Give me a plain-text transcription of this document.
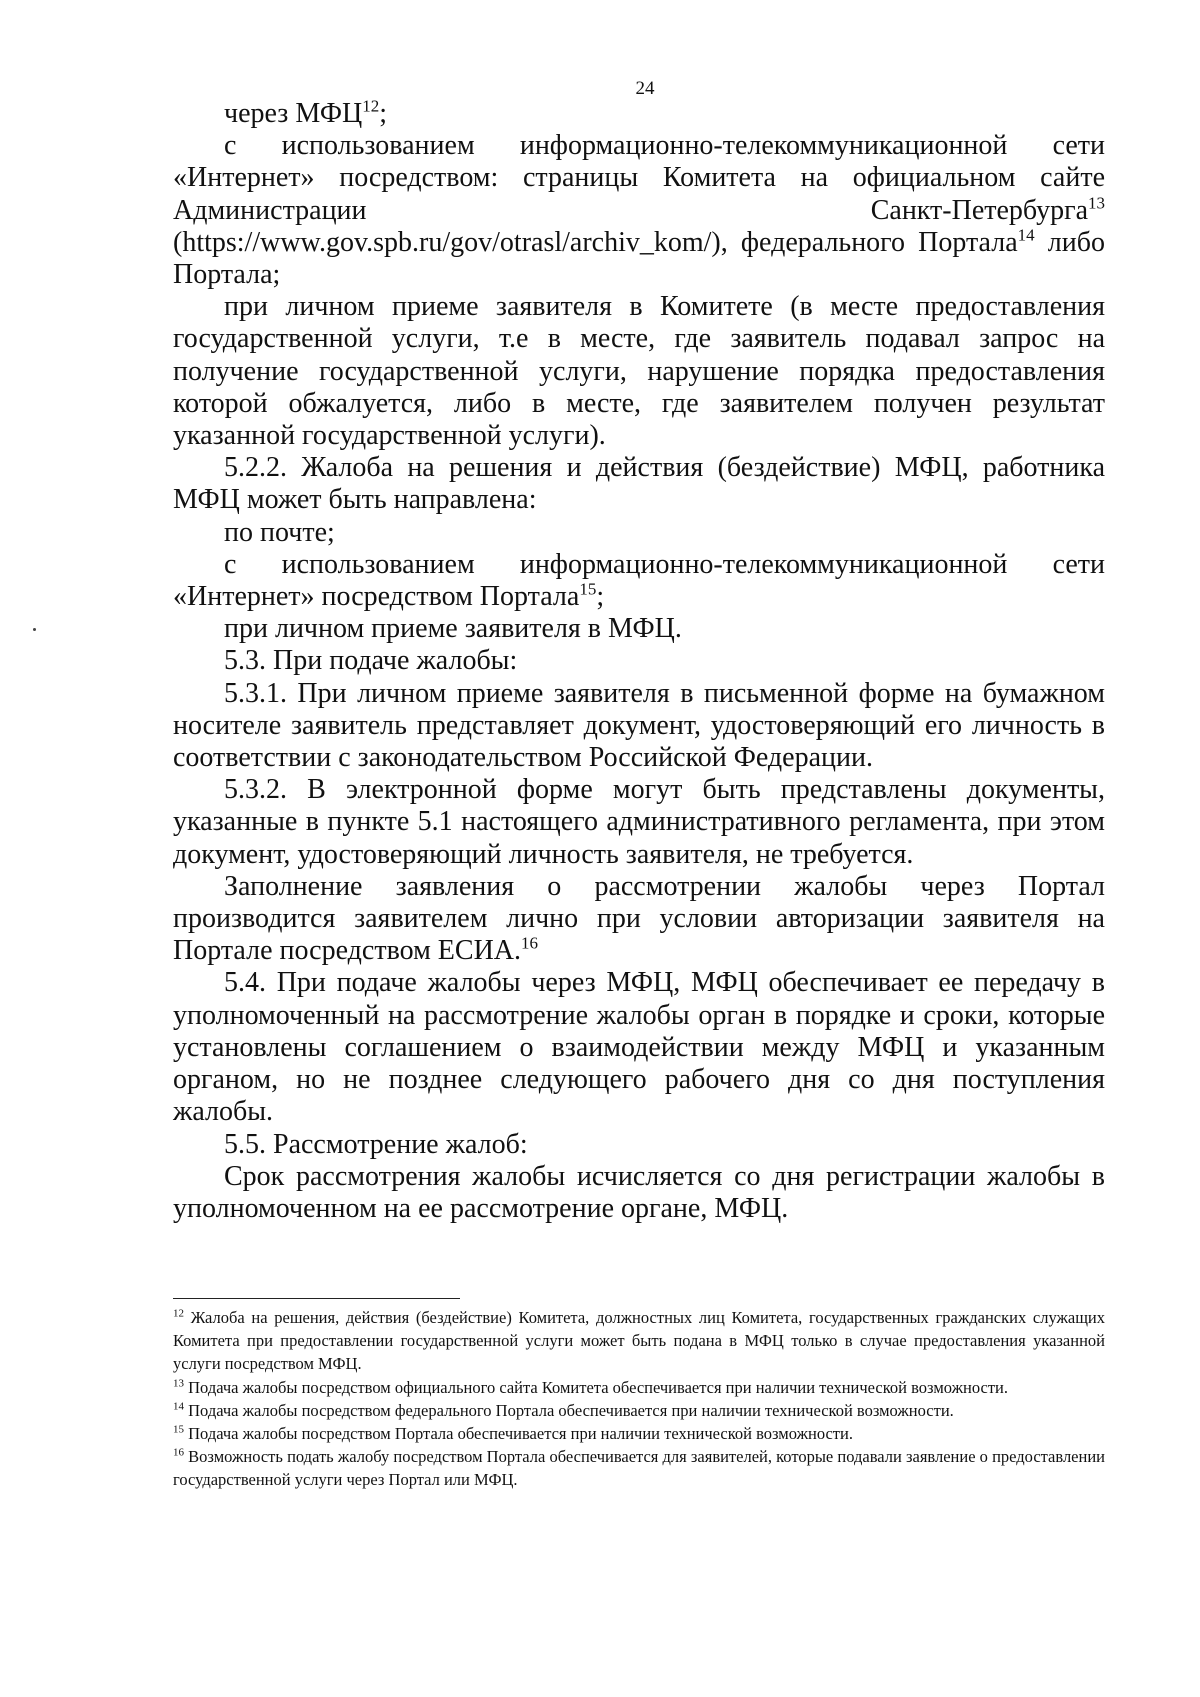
24

через МФЦ$^{12}$;

с использованием информационно-телекоммуникационной сети «Интернет» посредством: страницы Комитета на официальном сайте Администрации Санкт-Петербурга$^{13}$

(https://www.gov.spb.ru/gov/otrasl/archiv_kom/), федерального Портала$^{14}$ либо Портала;

при личном приеме заявителя в Комитете (в месте предоставления государственной услуги, т.е в месте, где заявитель подавал запрос на получение государственной услуги, нарушение порядка предоставления которой обжалуется, либо в месте, где заявителем получен результат указанной государственной услуги).

5.2.2. Жалоба на решения и действия (бездействие) МФЦ, работника МФЦ может быть направлена:

по почте;

с использованием информационно-телекоммуникационной сети «Интернет» посредством Портала$^{15}$;

при личном приеме заявителя в МФЦ.

5.3. При подаче жалобы:

5.3.1. При личном приеме заявителя в письменной форме на бумажном носителе заявитель представляет документ, удостоверяющий его личность в соответствии с законодательством Российской Федерации.

5.3.2. В электронной форме могут быть представлены документы, указанные в пункте 5.1 настоящего административного регламента, при этом документ, удостоверяющий личность заявителя, не требуется.

Заполнение заявления о рассмотрении жалобы через Портал производится заявителем лично при условии авторизации заявителя на Портале посредством ЕСИА.$^{16}$

5.4. При подаче жалобы через МФЦ, МФЦ обеспечивает ее передачу в уполномоченный на рассмотрение жалобы орган в порядке и сроки, которые установлены соглашением о взаимодействии между МФЦ и указанным органом, но не позднее следующего рабочего дня со дня поступления жалобы.

5.5. Рассмотрение жалоб:

Срок рассмотрения жалобы исчисляется со дня регистрации жалобы в уполномоченном на ее рассмотрение органе, МФЦ.

$^{12}$ Жалоба на решения, действия (бездействие) Комитета, должностных лиц Комитета, государственных гражданских служащих Комитета при предоставлении государственной услуги может быть подана в МФЦ только в случае предоставления указанной услуги посредством МФЦ.

$^{13}$ Подача жалобы посредством официального сайта Комитета обеспечивается при наличии технической возможности.

$^{14}$ Подача жалобы посредством федерального Портала обеспечивается при наличии технической возможности.

$^{15}$ Подача жалобы посредством Портала обеспечивается при наличии технической возможности.

$^{16}$ Возможность подать жалобу посредством Портала обеспечивается для заявителей, которые подавали заявление о предоставлении государственной услуги через Портал или МФЦ.
